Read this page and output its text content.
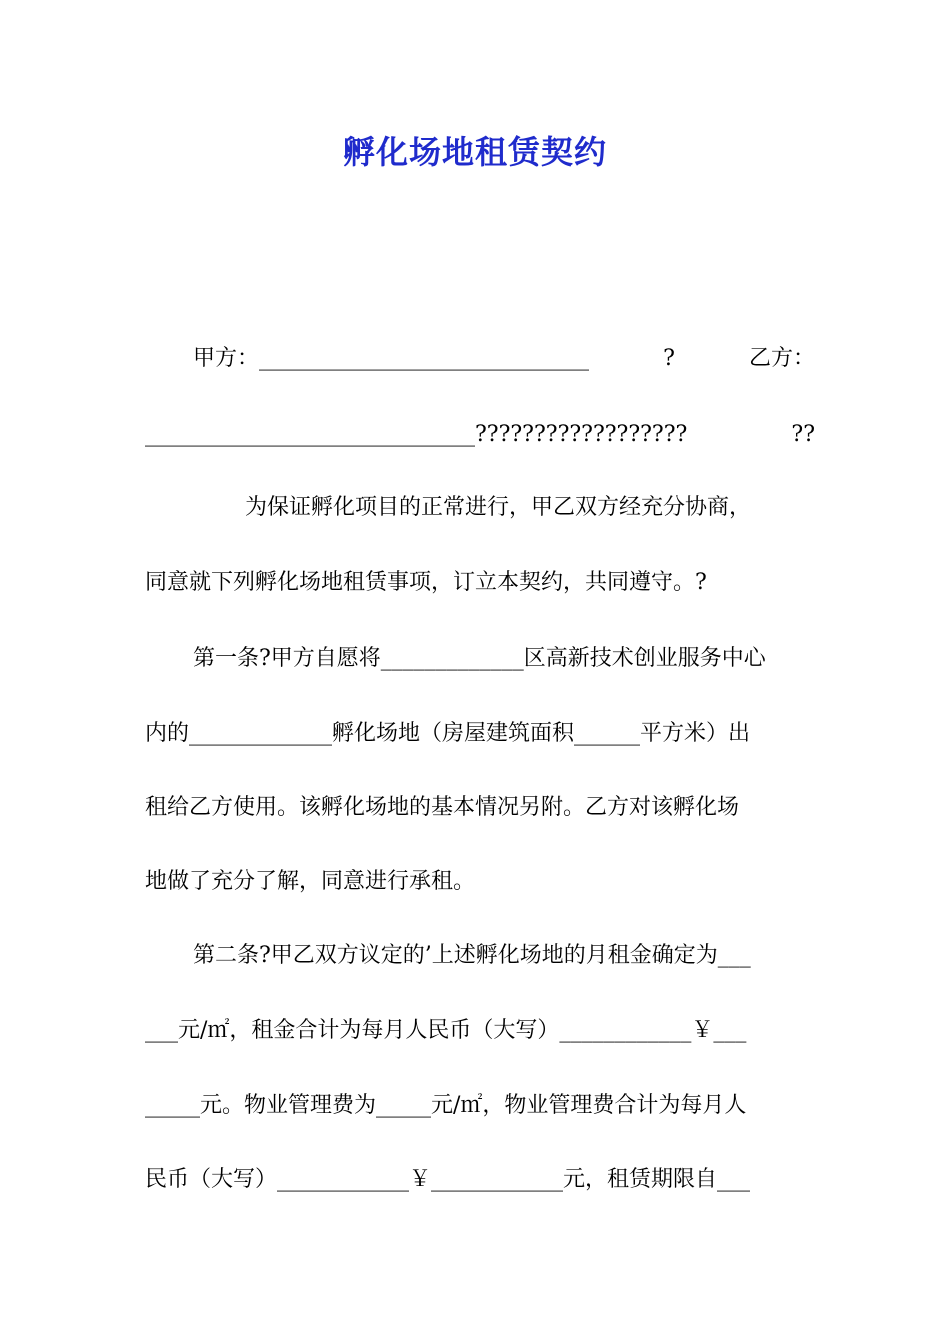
孵化场地租赁契约
甲方：______________________________	?	乙方：
______________________________??????????????????	??
为保证孵化项目的正常进行，甲乙双方经充分协商，
同意就下列孵化场地租赁事项，订立本契约，共同遵守。?
第一条?甲方自愿将_____________区高新技术创业服务中心
内的_____________孵化场地（房屋建筑面积______平方米）出
租给乙方使用。该孵化场地的基本情况另附。乙方对该孵化场
地做了充分了解，同意进行承租。
第二条?甲乙双方议定的’上述孵化场地的月租金确定为___
___元/㎡，租金合计为每月人民币（大写）____________￥___
_____元。物业管理费为_____元/㎡，物业管理费合计为每月人
民币（大写）____________￥____________元，租赁期限自___
